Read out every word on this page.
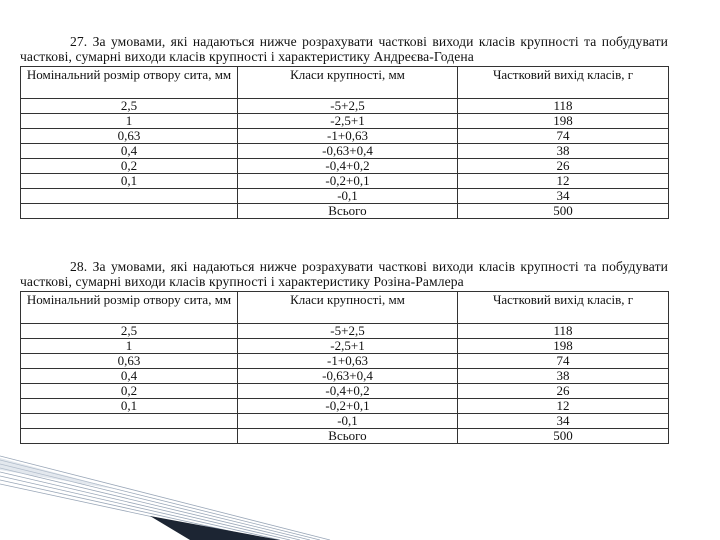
27. За умовами, які надаються нижче розрахувати часткові виходи класів крупності та побудувати часткові, сумарні виходи класів крупності і характеристику Андреєва-Годена

Номінальний розмір отвору сита, мм	Класи крупності, мм	Частковий вихід класів, г
2,5	-5+2,5	118
1	-2,5+1	198
0,63	-1+0,63	74
0,4	-0,63+0,4	38
0,2	-0,4+0,2	26
0,1	-0,2+0,1	12
	-0,1	34
	Всього	500

28. За умовами, які надаються нижче розрахувати часткові виходи класів крупності та побудувати часткові, сумарні виходи класів крупності і характеристику Розіна-Рамлера

Номінальний розмір отвору сита, мм	Класи крупності, мм	Частковий вихід класів, г
2,5	-5+2,5	118
1	-2,5+1	198
0,63	-1+0,63	74
0,4	-0,63+0,4	38
0,2	-0,4+0,2	26
0,1	-0,2+0,1	12
	-0,1	34
	Всього	500
